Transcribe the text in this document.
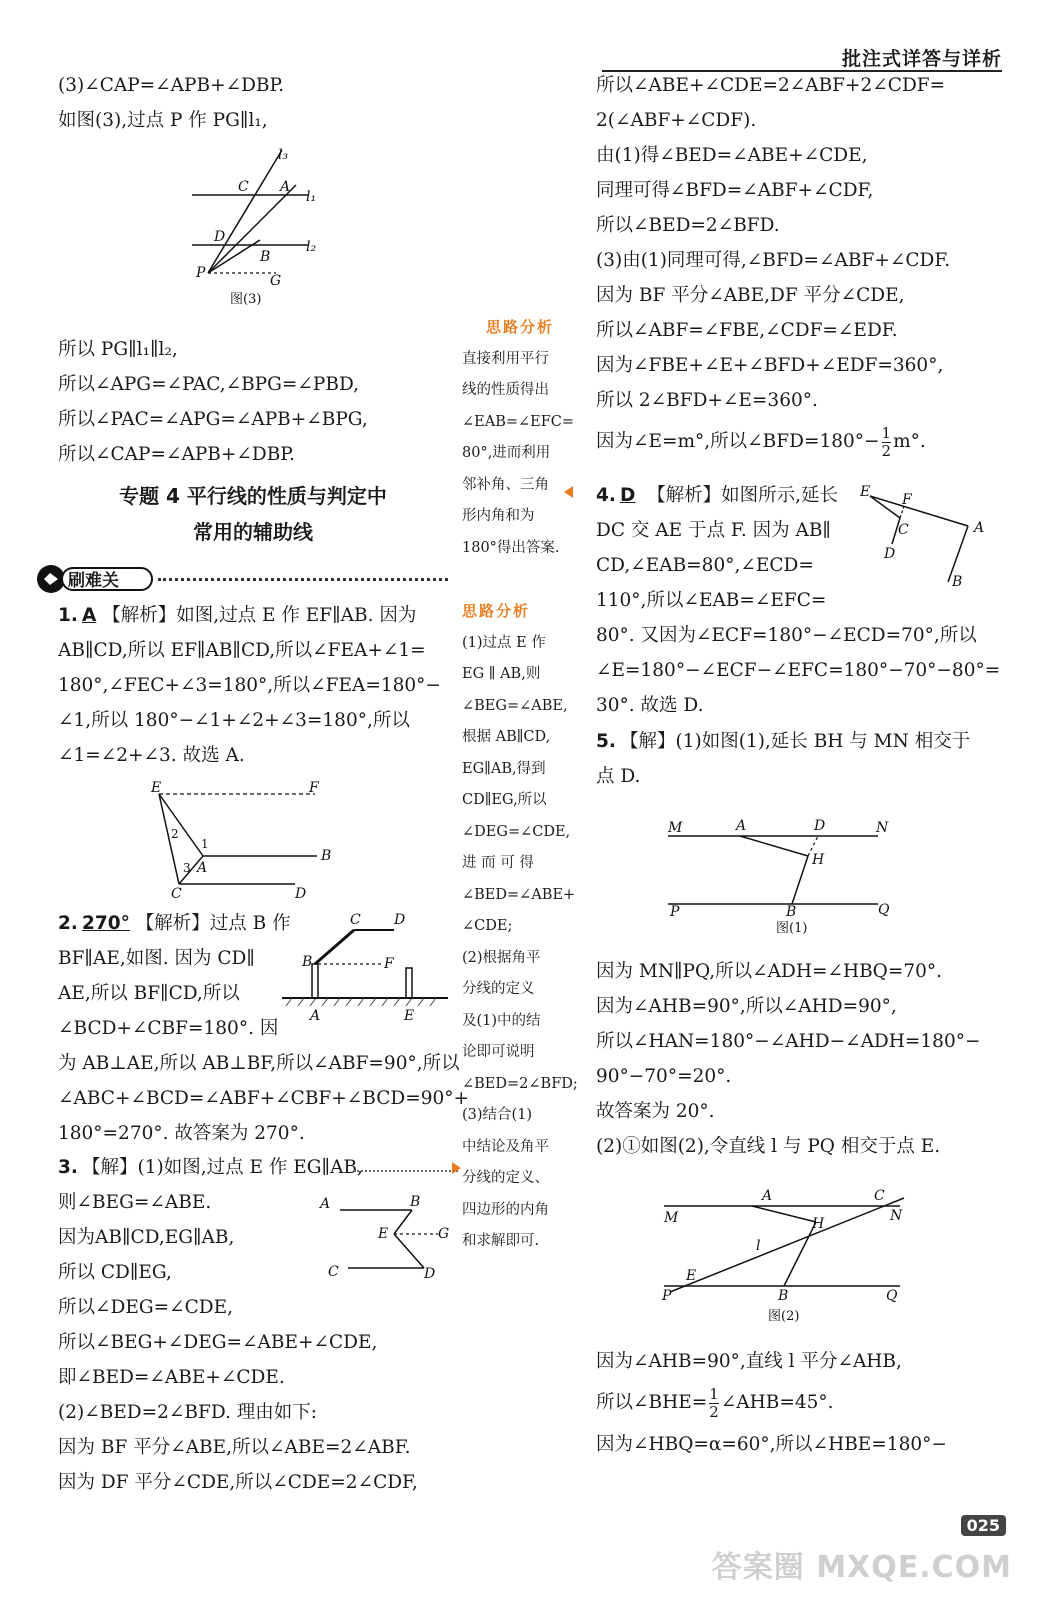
批注式详答与详析

(3)∠CAP=∠APB+∠DBP.

如图(3),过点 P 作 PG∥l₁,

l₃
l₁
l₂
C A
D
B
P	G
图(3)

所以 PG∥l₁∥l₂,

所以∠APG=∠PAC,∠BPG=∠PBD,

所以∠PAC=∠APG=∠APB+∠BPG,

所以∠CAP=∠APB+∠DBP.

专题 4 平行线的性质与判定中
常用的辅助线
刷难关

1. A 【解析】如图,过点 E 作 EF∥AB. 因为

AB∥CD,所以 EF∥AB∥CD,所以∠FEA+∠1=

180°,∠FEC+∠3=180°,所以∠FEA=180°−

∠1,所以 180°−∠1+∠2+∠3=180°,所以

∠1=∠2+∠3. 故选 A.

E	F
B
C	D
A
1
2
3

2. 270° 【解析】过点 B 作

BF∥AE,如图. 因为 CD∥

AE,所以 BF∥CD,所以

∠BCD+∠CBF=180°. 因

为 AB⊥AE,所以 AB⊥BF,所以∠ABF=90°,所以

∠ABC+∠BCD=∠ABF+∠CBF+∠BCD=90°+

180°=270°. 故答案为 270°.

C D
B	F
A	E

3. 【解】(1)如图,过点 E 作 EG∥AB,

则∠BEG=∠ABE.

因为AB∥CD,EG∥AB,

所以 CD∥EG,

所以∠DEG=∠CDE,

所以∠BEG+∠DEG=∠ABE+∠CDE,

即∠BED=∠ABE+∠CDE.

(2)∠BED=2∠BFD. 理由如下:

因为 BF 平分∠ABE,所以∠ABE=2∠ABF.

因为 DF 平分∠CDE,所以∠CDE=2∠CDF,

A	B
E	G
C	D

思路分析

直接利用平行

线的性质得出

∠EAB=∠EFC=

80°,进而利用

邻补角、三角

形内角和为

180°得出答案.

思路分析

(1)过点 E 作

EG ∥ AB,则

∠BEG=∠ABE,

根据 AB∥CD,

EG∥AB,得到

CD∥EG,所以

∠DEG=∠CDE,

进 而 可 得

∠BED=∠ABE+

∠CDE;

(2)根据角平

分线的定义

及(1)中的结

论即可说明

∠BED=2∠BFD;

(3)结合(1)

中结论及角平

分线的定义、

四边形的内角

和求解即可.

所以∠ABE+∠CDE=2∠ABF+2∠CDF=

2(∠ABF+∠CDF).

由(1)得∠BED=∠ABE+∠CDE,

同理可得∠BFD=∠ABF+∠CDF,

所以∠BED=2∠BFD.

(3)由(1)同理可得,∠BFD=∠ABF+∠CDF.

因为 BF 平分∠ABE,DF 平分∠CDE,

所以∠ABF=∠FBE,∠CDF=∠EDF.

因为∠FBE+∠E+∠BFD+∠EDF=360°,

所以 2∠BFD+∠E=360°.

因为∠E=m°,所以∠BFD=180°− $\frac{1}{2} m^\circ$.

4. D 【解析】如图所示,延长

DC 交 AE 于点 F. 因为 AB∥

CD,∠EAB=80°,∠ECD=

110°,所以∠EAB=∠EFC=

80°. 又因为∠ECF=180°−∠ECD=70°,所以

∠E=180°−∠ECF−∠EFC=180°−70°−80°=

30°. 故选 D.

E F
C
D
A
B

5. 【解】(1)如图(1),延长 BH 与 MN 相交于

点 D.

M	A	D	N
H
P	B	Q
图(1)

因为 MN∥PQ,所以∠ADH=∠HBQ=70°.

因为∠AHB=90°,所以∠AHD=90°,

所以∠HAN=180°−∠AHD−∠ADH=180°−

90°−70°=20°.

故答案为 20°.

(2)①如图(2),令直线 l 与 PQ 相交于点 E.

A	C
M	N
H
l
E
P	B	Q
图(2)

因为∠AHB=90°,直线 l 平分∠AHB,

所以∠BHE= $\frac{1}{2}$ ∠AHB=45°.

因为∠HBQ=α=60°,所以∠HBE=180°−

025
答案圈 MXQE.COM
